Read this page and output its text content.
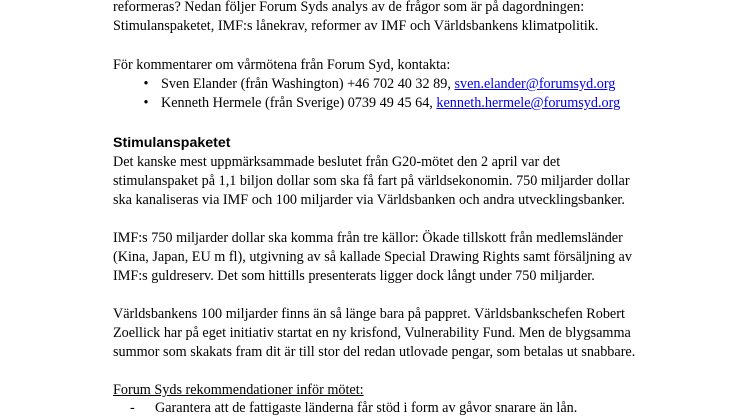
reformeras? Nedan följer Forum Syds analys av de frågor som är på dagordningen:
Stimulanspaketet, IMF:s lånekrav, reformer av IMF och Världsbankens klimatpolitik.
För kommentarer om vårmötena från Forum Syd, kontakta:
• Sven Elander (från Washington) +46 702 40 32 89, sven.elander@forumsyd.org
• Kenneth Hermele (från Sverige) 0739 49 45 64, kenneth.hermele@forumsyd.org
Stimulanspaketet
Det kanske mest uppmärksammade beslutet från G20-mötet den 2 april var det
stimulanspaket på 1,1 biljon dollar som ska få fart på världsekonomin. 750 miljarder dollar
ska kanaliseras via IMF och 100 miljarder via Världsbanken och andra utvecklingsbanker.
IMF:s 750 miljarder dollar ska komma från tre källor: Ökade tillskott från medlemsländer
(Kina, Japan, EU m fl), utgivning av så kallade Special Drawing Rights samt försäljning av
IMF:s guldreserv. Det som hittills presenterats ligger dock långt under 750 miljarder.
Världsbankens 100 miljarder finns än så länge bara på pappret. Världsbankschefen Robert
Zoellick har på eget initiativ startat en ny krisfond, Vulnerability Fund. Men de blygsamma
summor som skakats fram dit är till stor del redan utlovade pengar, som betalas ut snabbare.
Forum Syds rekommendationer inför mötet:
- Garantera att de fattigaste länderna får stöd i form av gåvor snarare än lån.
